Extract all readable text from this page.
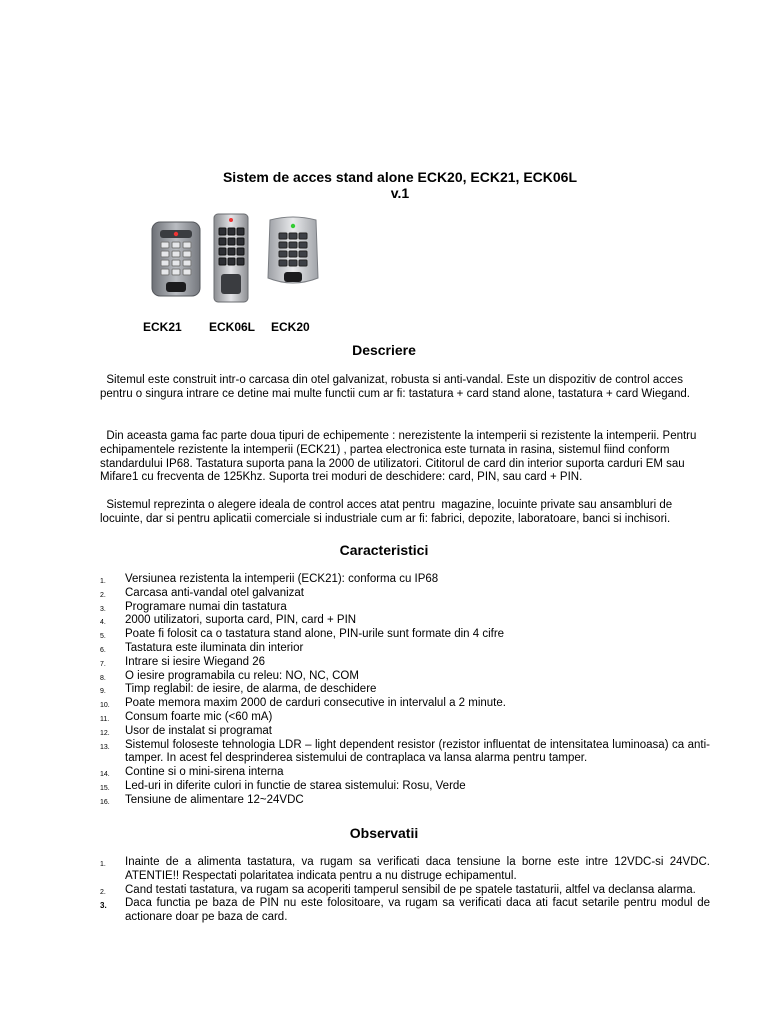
Sistem de acces stand alone ECK20, ECK21, ECK06L
v.1
ECK21 ECK06L ECK20
Descriere
Sitemul este construit intr-o carcasa din otel galvanizat, robusta si anti-vandal. Este un dispozitiv de control acces pentru o singura intrare ce detine mai multe functii cum ar fi: tastatura + card stand alone, tastatura + card Wiegand.
Din aceasta gama fac parte doua tipuri de echipemente : nerezistente la intemperii si rezistente la intemperii. Pentru echipamentele rezistente la intemperii (ECK21) , partea electronica este turnata in rasina, sistemul fiind conform standardului IP68. Tastatura suporta pana la 2000 de utilizatori. Cititorul de card din interior suporta carduri EM sau Mifare1 cu frecventa de 125Khz. Suporta trei moduri de deschidere: card, PIN, sau card + PIN.
Sistemul reprezinta o alegere ideala de control acces atat pentru  magazine, locuinte private sau ansambluri de locuinte, dar si pentru aplicatii comerciale si industriale cum ar fi: fabrici, depozite, laboratoare, banci si inchisori.
Caracteristici
1. Versiunea rezistenta la intemperii (ECK21): conforma cu IP68
2. Carcasa anti-vandal otel galvanizat
3. Programare numai din tastatura
4. 2000 utilizatori, suporta card, PIN, card + PIN
5. Poate fi folosit ca o tastatura stand alone, PIN-urile sunt formate din 4 cifre
6. Tastatura este iluminata din interior
7. Intrare si iesire Wiegand 26
8. O iesire programabila cu releu: NO, NC, COM
9. Timp reglabil: de iesire, de alarma, de deschidere
10. Poate memora maxim 2000 de carduri consecutive in intervalul a 2 minute.
11. Consum foarte mic (<60 mA)
12. Usor de instalat si programat
13. Sistemul foloseste tehnologia LDR – light dependent resistor (rezistor influentat de intensitatea luminoasa) ca anti-tamper. In acest fel desprinderea sistemului de contraplaca va lansa alarma pentru tamper.
14. Contine si o mini-sirena interna
15. Led-uri in diferite culori in functie de starea sistemului: Rosu, Verde
16. Tensiune de alimentare 12~24VDC
Observatii
1. Inainte de a alimenta tastatura, va rugam sa verificati daca tensiune la borne este intre 12VDC-si 24VDC. ATENTIE!! Respectati polaritatea indicata pentru a nu distruge echipamentul.
2. Cand testati tastatura, va rugam sa acoperiti tamperul sensibil de pe spatele tastaturii, altfel va declansa alarma.
3. Daca functia pe baza de PIN nu este folositoare, va rugam sa verificati daca ati facut setarile pentru modul de actionare doar pe baza de card.
